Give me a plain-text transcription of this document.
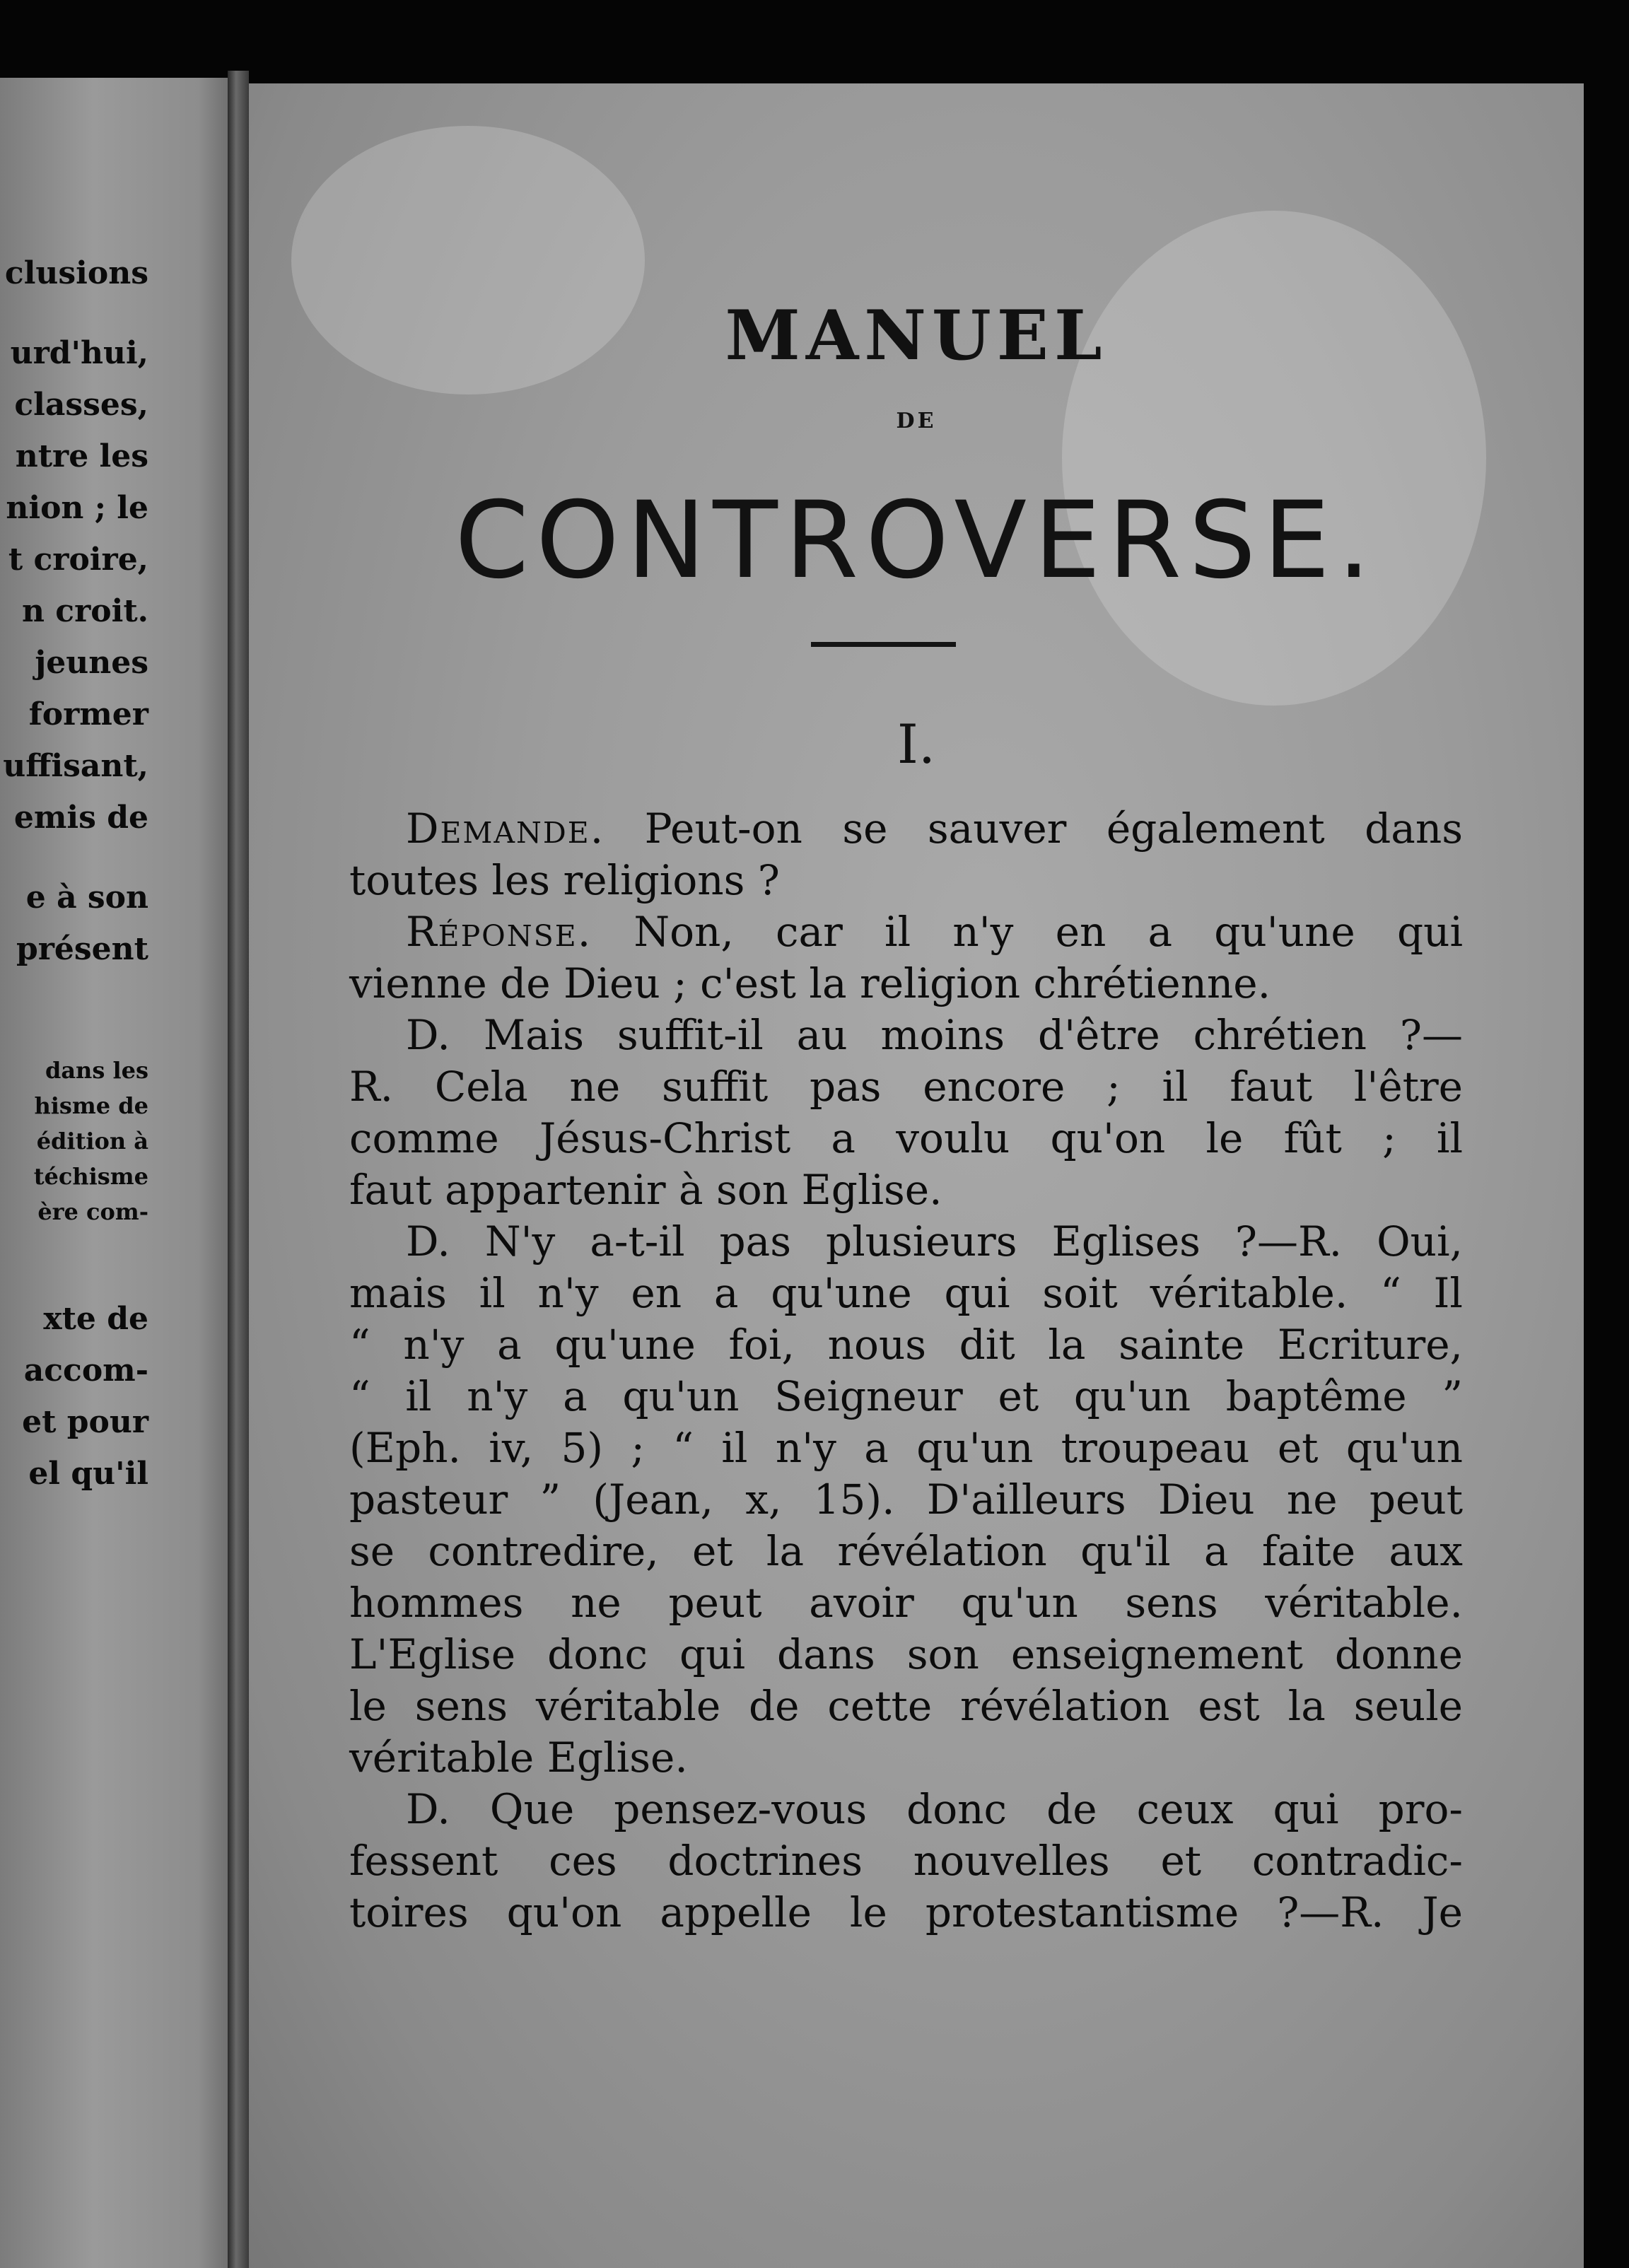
clusions
urd'hui,
classes,
ntre les
nion ; le
t croire,
n croit.
jeunes
former
uffisant,
emis de
e à son
présent
dans les
hisme de
édition à
téchisme
ère com-
xte de
accom-
et pour
el qu'il
MANUEL
DE
CONTROVERSE.
I.
Demande. Peut-on se sauver également dans
toutes les religions ?
Réponse. Non, car il n'y en a qu'une qui
vienne de Dieu ; c'est la religion chrétienne.
D. Mais suffit-il au moins d'être chrétien ?—
R. Cela ne suffit pas encore ; il faut l'être
comme Jésus-Christ a voulu qu'on le fût ; il
faut appartenir à son Eglise.
D. N'y a-t-il pas plusieurs Eglises ?—R. Oui,
mais il n'y en a qu'une qui soit véritable. “ Il
“ n'y a qu'une foi, nous dit la sainte Ecriture,
“ il n'y a qu'un Seigneur et qu'un baptême ”
(Eph. iv, 5) ; “ il n'y a qu'un troupeau et qu'un
pasteur ” (Jean, x, 15). D'ailleurs Dieu ne peut
se contredire, et la révélation qu'il a faite aux
hommes ne peut avoir qu'un sens véritable.
L'Eglise donc qui dans son enseignement donne
le sens véritable de cette révélation est la seule
véritable Eglise.
D. Que pensez-vous donc de ceux qui pro-
fessent ces doctrines nouvelles et contradic-
toires qu'on appelle le protestantisme ?—R. Je
